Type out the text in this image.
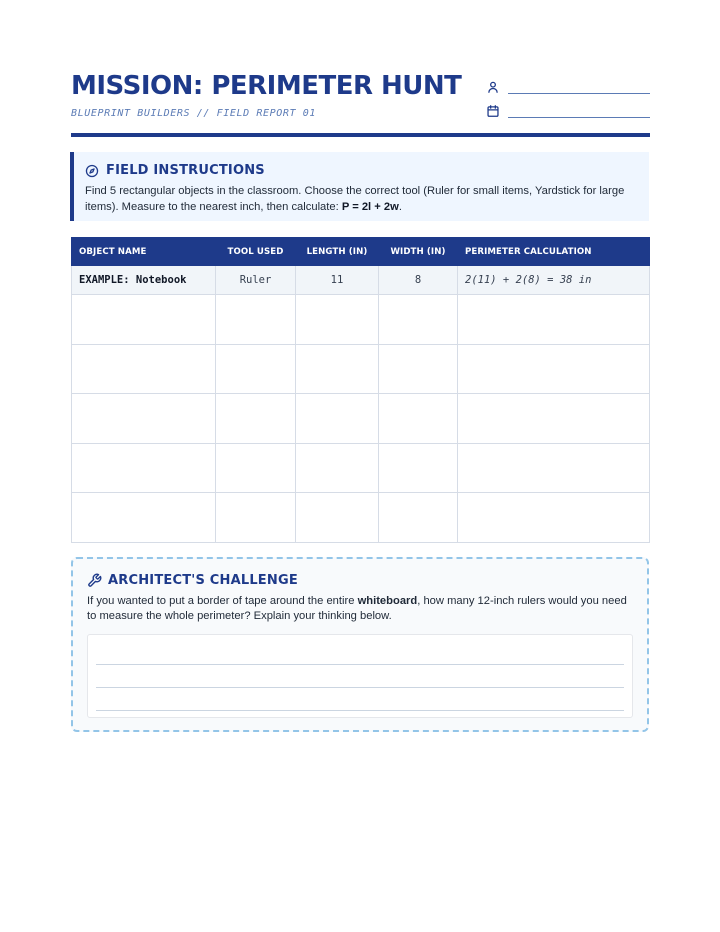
MISSION: PERIMETER HUNT
BLUEPRINT BUILDERS // FIELD REPORT 01
FIELD INSTRUCTIONS

Find 5 rectangular objects in the classroom. Choose the correct tool (Ruler for small items, Yardstick for large items). Measure to the nearest inch, then calculate: P = 2l + 2w.

OBJECT NAME	TOOL USED	LENGTH (IN)	WIDTH (IN)	PERIMETER CALCULATION
EXAMPLE: Notebook	Ruler	11	8	2(11) + 2(8) = 38 in

ARCHITECT'S CHALLENGE

If you wanted to put a border of tape around the entire whiteboard, how many 12-inch rulers would you need to measure the whole perimeter? Explain your thinking below.
